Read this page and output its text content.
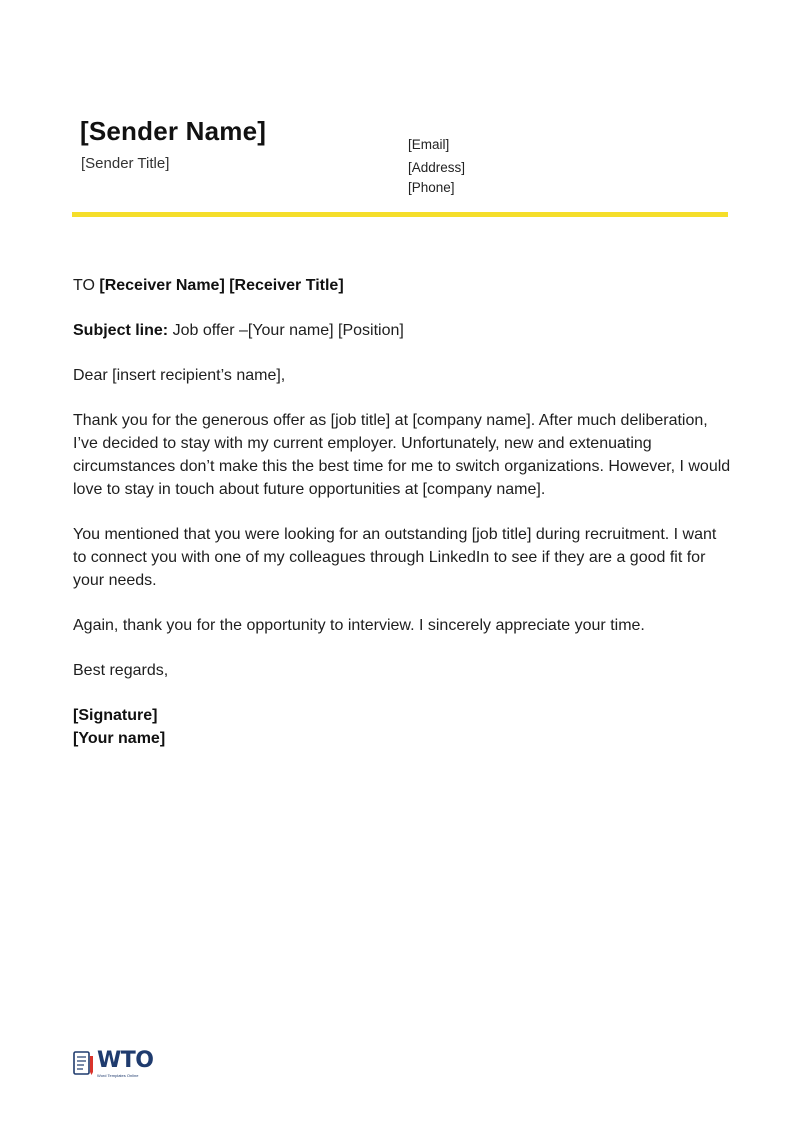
[Sender Name]

[Sender Title]

[Email]
[Address]
[Phone]

TO [Receiver Name] [Receiver Title]

Subject line: Job offer –[Your name] [Position]

Dear [insert recipient’s name],

Thank you for the generous offer as [job title] at [company name]. After much deliberation, I’ve decided to stay with my current employer. Unfortunately, new and extenuating circumstances don’t make this the best time for me to switch organizations. However, I would love to stay in touch about future opportunities at [company name].

You mentioned that you were looking for an outstanding [job title] during recruitment. I want to connect you with one of my colleagues through LinkedIn to see if they are a good fit for your needs.

Again, thank you for the opportunity to interview. I sincerely appreciate your time.

Best regards,

[Signature]
[Your name]
WTO
Word Templates Online
